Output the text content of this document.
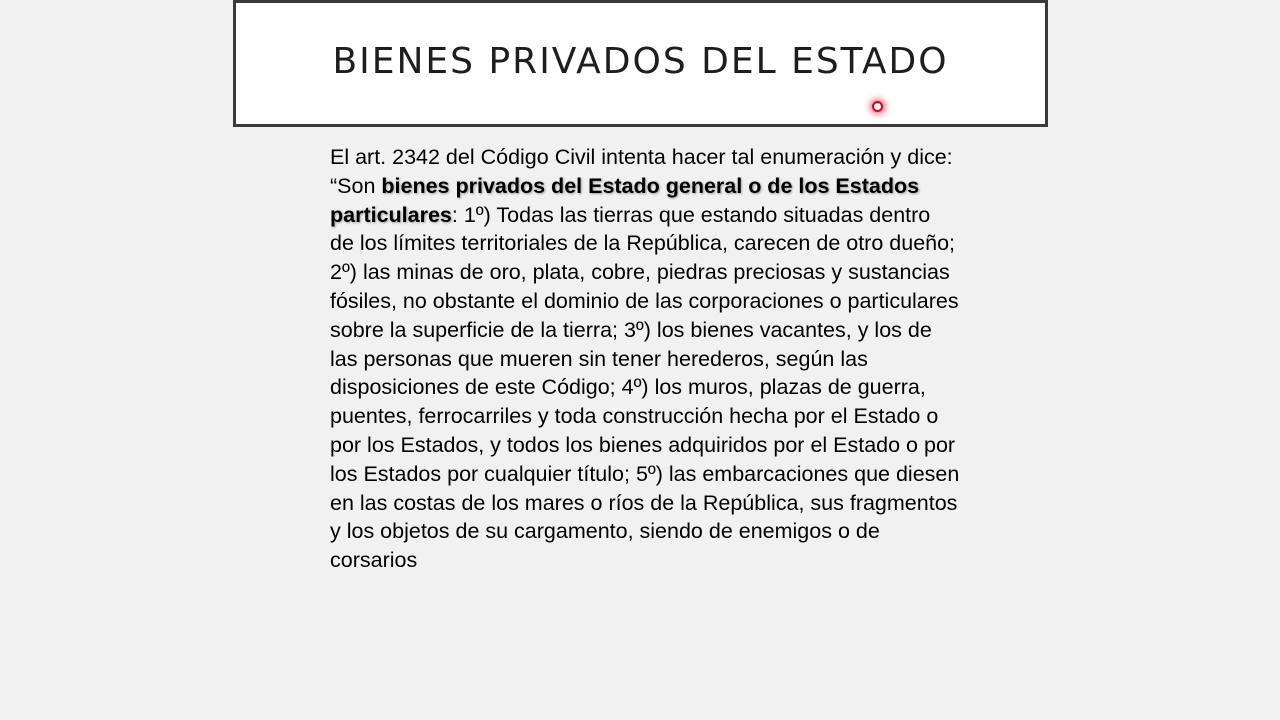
BIENES PRIVADOS DEL ESTADO

El art. 2342 del Código Civil intenta hacer tal enumeración y dice: “Son bienes privados del Estado general o de los Estados particulares: 1º) Todas las tierras que estando situadas dentro de los límites territoriales de la República, carecen de otro dueño; 2º) las minas de oro, plata, cobre, piedras preciosas y sustancias fósiles, no obstante el dominio de las corporaciones o particulares sobre la superficie de la tierra; 3º) los bienes vacantes, y los de las personas que mueren sin tener herederos, según las disposiciones de este Código; 4º) los muros, plazas de guerra, puentes, ferrocarriles y toda construcción hecha por el Estado o por los Estados, y todos los bienes adquiridos por el Estado o por los Estados por cualquier título; 5º) las embarcaciones que diesen en las costas de los mares o ríos de la República, sus fragmentos y los objetos de su cargamento, siendo de enemigos o de corsarios
